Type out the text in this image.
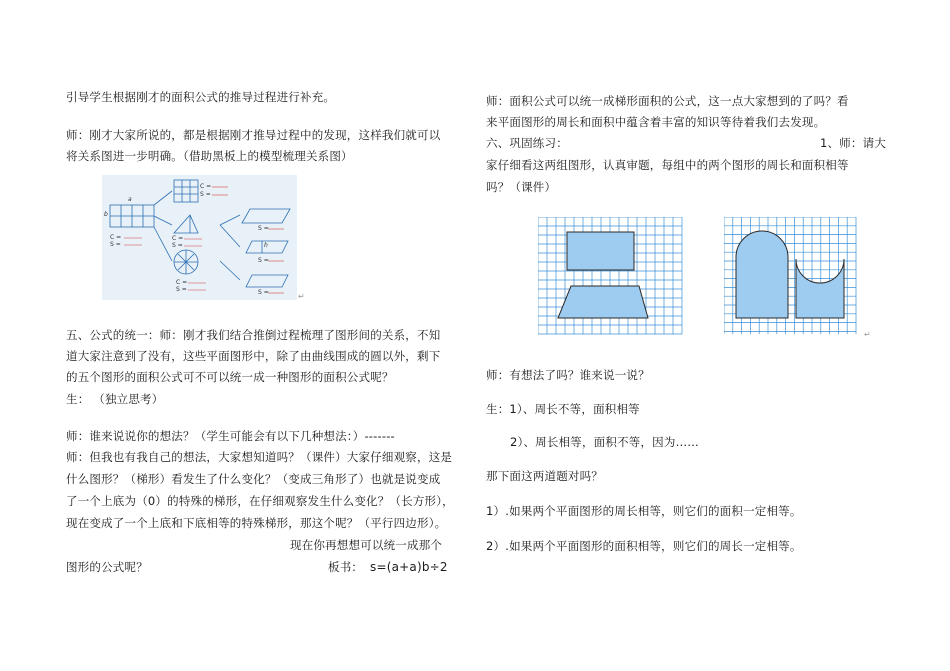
引导学生根据刚才的面积公式的推导过程进行补充。
师：刚才大家所说的，都是根据刚才推导过程中的发现，这样我们就可以
将关系图进一步明确。（借助黑板上的模型梳理关系图）
a
b
C =
S =
C =
S =
C =
S =
C =
S =
S =
S =
S =
h
↵
五、公式的统一：师：刚才我们结合推倒过程梳理了图形间的关系，不知
道大家注意到了没有，这些平面图形中，除了由曲线围成的圆以外，剩下
的五个图形的面积公式可不可以统一成一种图形的面积公式呢？
生： （独立思考）
师：谁来说说你的想法？（学生可能会有以下几种想法：）-------
师：但我也有我自己的想法，大家想知道吗？（课件）大家仔细观察，这是
什么图形？（梯形）看发生了什么变化？（变成三角形了）也就是说变成
了一个上底为（0）的特殊的梯形，在仔细观察发生什么变化？（长方形），
现在变成了一个上底和下底相等的特殊梯形，那这个呢？（平行四边形）。
现在你再想想可以统一成那个
图形的公式呢？	板书： s=(a+a)b÷2
师：面积公式可以统一成梯形面积的公式，这一点大家想到的了吗？看
来平面图形的周长和面积中蕴含着丰富的知识等待着我们去发现。
六、巩固练习：	1、师：请大
家仔细看这两组图形，认真审题，每组中的两个图形的周长和面积相等
吗？（课件）
↵
师：有想法了吗？谁来说一说？
生：1）、周长不等，面积相等
2）、周长相等，面积不等，因为……
那下面这两道题对吗？
1）.如果两个平面图形的周长相等，则它们的面积一定相等。
2）.如果两个平面图形的面积相等，则它们的周长一定相等。
